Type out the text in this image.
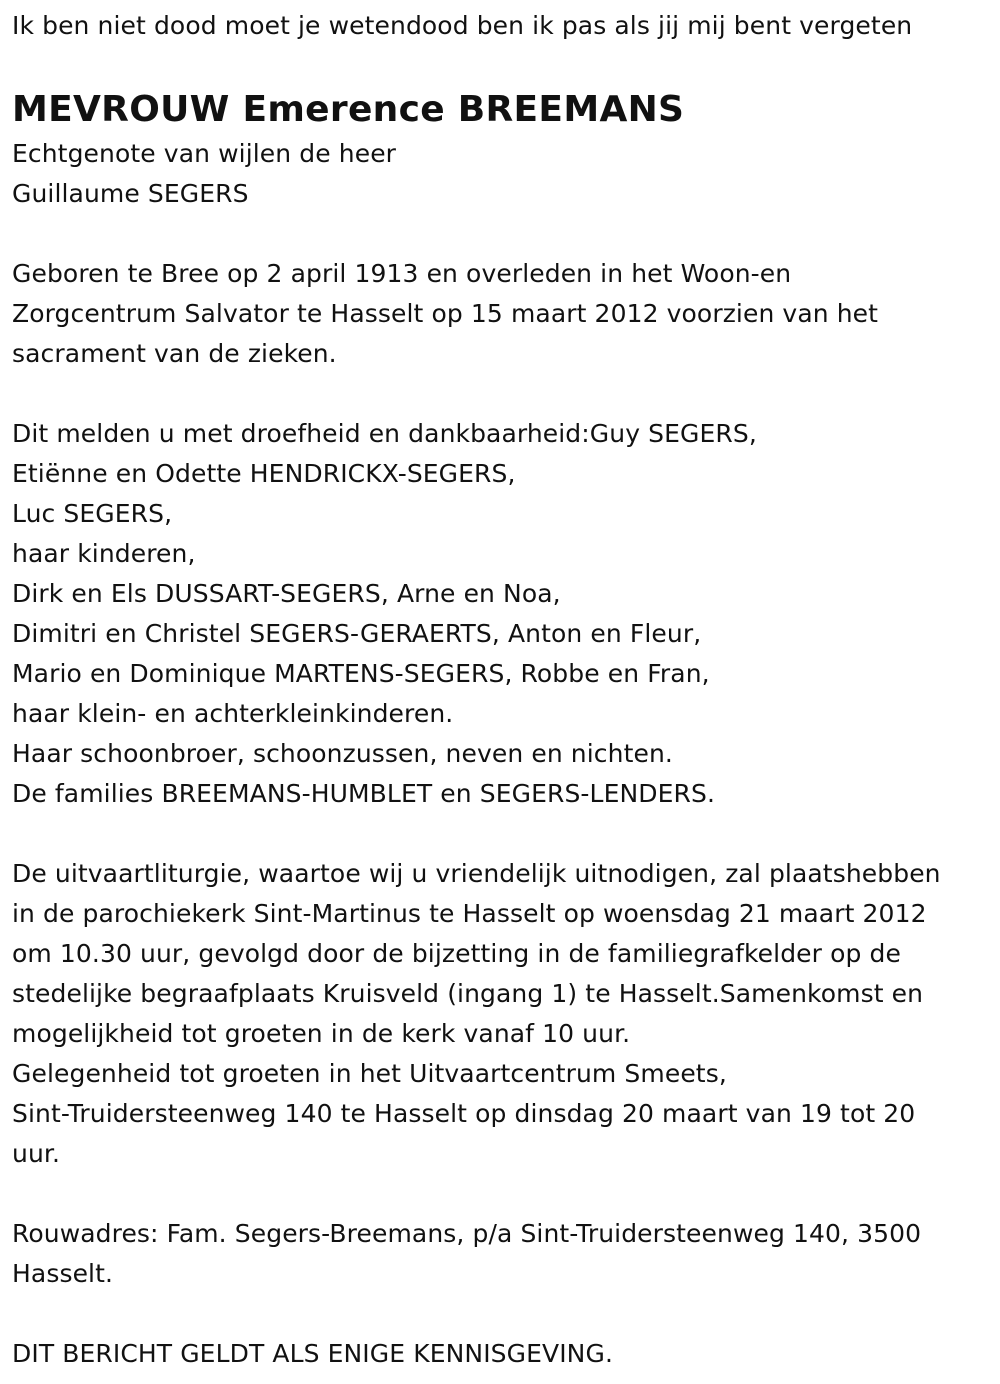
Ik ben niet dood moet je wetendood ben ik pas als jij mij bent vergeten
MEVROUW Emerence BREEMANS
Echtgenote van wijlen de heer
Guillaume SEGERS
Geboren te Bree op 2 april 1913 en overleden in het Woon-en
Zorgcentrum Salvator te Hasselt op 15 maart 2012 voorzien van het
sacrament van de zieken.
Dit melden u met droefheid en dankbaarheid:Guy SEGERS,
Etiënne en Odette HENDRICKX-SEGERS,
Luc SEGERS,
haar kinderen,
Dirk en Els DUSSART-SEGERS, Arne en Noa,
Dimitri en Christel SEGERS-GERAERTS, Anton en Fleur,
Mario en Dominique MARTENS-SEGERS, Robbe en Fran,
haar klein- en achterkleinkinderen.
Haar schoonbroer, schoonzussen, neven en nichten.
De families BREEMANS-HUMBLET en SEGERS-LENDERS.
De uitvaartliturgie, waartoe wij u vriendelijk uitnodigen, zal plaatshebben
in de parochiekerk Sint-Martinus te Hasselt op woensdag 21 maart 2012
om 10.30 uur, gevolgd door de bijzetting in de familiegrafkelder op de
stedelijke begraafplaats Kruisveld (ingang 1) te Hasselt.Samenkomst en
mogelijkheid tot groeten in de kerk vanaf 10 uur.
Gelegenheid tot groeten in het Uitvaartcentrum Smeets,
Sint-Truidersteenweg 140 te Hasselt op dinsdag 20 maart van 19 tot 20
uur.
Rouwadres: Fam. Segers-Breemans, p/a Sint-Truidersteenweg 140, 3500
Hasselt.
DIT BERICHT GELDT ALS ENIGE KENNISGEVING.
